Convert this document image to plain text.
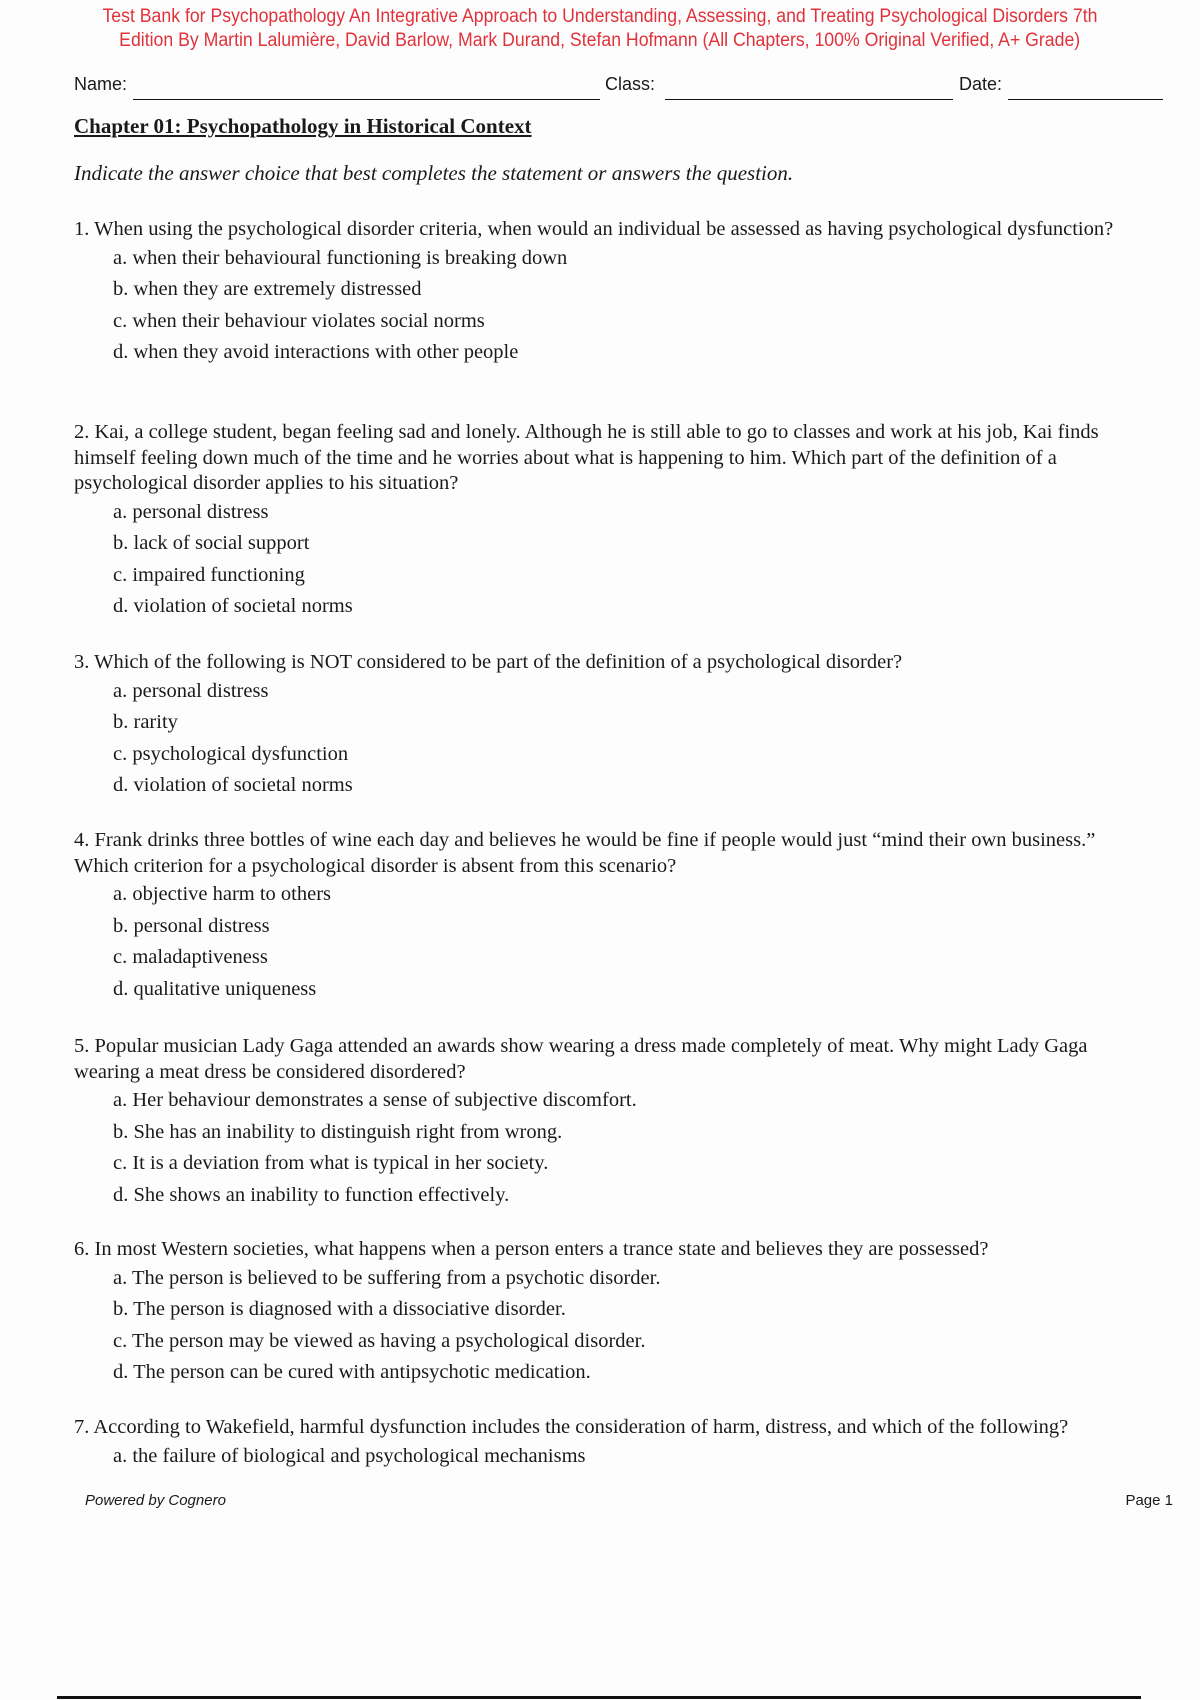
Test Bank for Psychopathology An Integrative Approach to Understanding, Assessing, and Treating Psychological Disorders 7th
Edition By Martin Lalumière, David Barlow, Mark Durand, Stefan Hofmann (All Chapters, 100% Original Verified, A+ Grade)
Name:	Class:	Date:
Chapter 01: Psychopathology in Historical Context
Indicate the answer choice that best completes the statement or answers the question.
1. When using the psychological disorder criteria, when would an individual be assessed as having psychological dysfunction?
a. when their behavioural functioning is breaking down
b. when they are extremely distressed
c. when their behaviour violates social norms
d. when they avoid interactions with other people
2. Kai, a college student, began feeling sad and lonely. Although he is still able to go to classes and work at his job, Kai finds himself feeling down much of the time and he worries about what is happening to him. Which part of the definition of a psychological disorder applies to his situation?
a. personal distress
b. lack of social support
c. impaired functioning
d. violation of societal norms
3. Which of the following is NOT considered to be part of the definition of a psychological disorder?
a. personal distress
b. rarity
c. psychological dysfunction
d. violation of societal norms
4. Frank drinks three bottles of wine each day and believes he would be fine if people would just “mind their own business.” Which criterion for a psychological disorder is absent from this scenario?
a. objective harm to others
b. personal distress
c. maladaptiveness
d. qualitative uniqueness
5. Popular musician Lady Gaga attended an awards show wearing a dress made completely of meat. Why might Lady Gaga wearing a meat dress be considered disordered?
a. Her behaviour demonstrates a sense of subjective discomfort.
b. She has an inability to distinguish right from wrong.
c. It is a deviation from what is typical in her society.
d. She shows an inability to function effectively.
6. In most Western societies, what happens when a person enters a trance state and believes they are possessed?
a. The person is believed to be suffering from a psychotic disorder.
b. The person is diagnosed with a dissociative disorder.
c. The person may be viewed as having a psychological disorder.
d. The person can be cured with antipsychotic medication.
7. According to Wakefield, harmful dysfunction includes the consideration of harm, distress, and which of the following?
a. the failure of biological and psychological mechanisms
Powered by Cognero	Page 1
